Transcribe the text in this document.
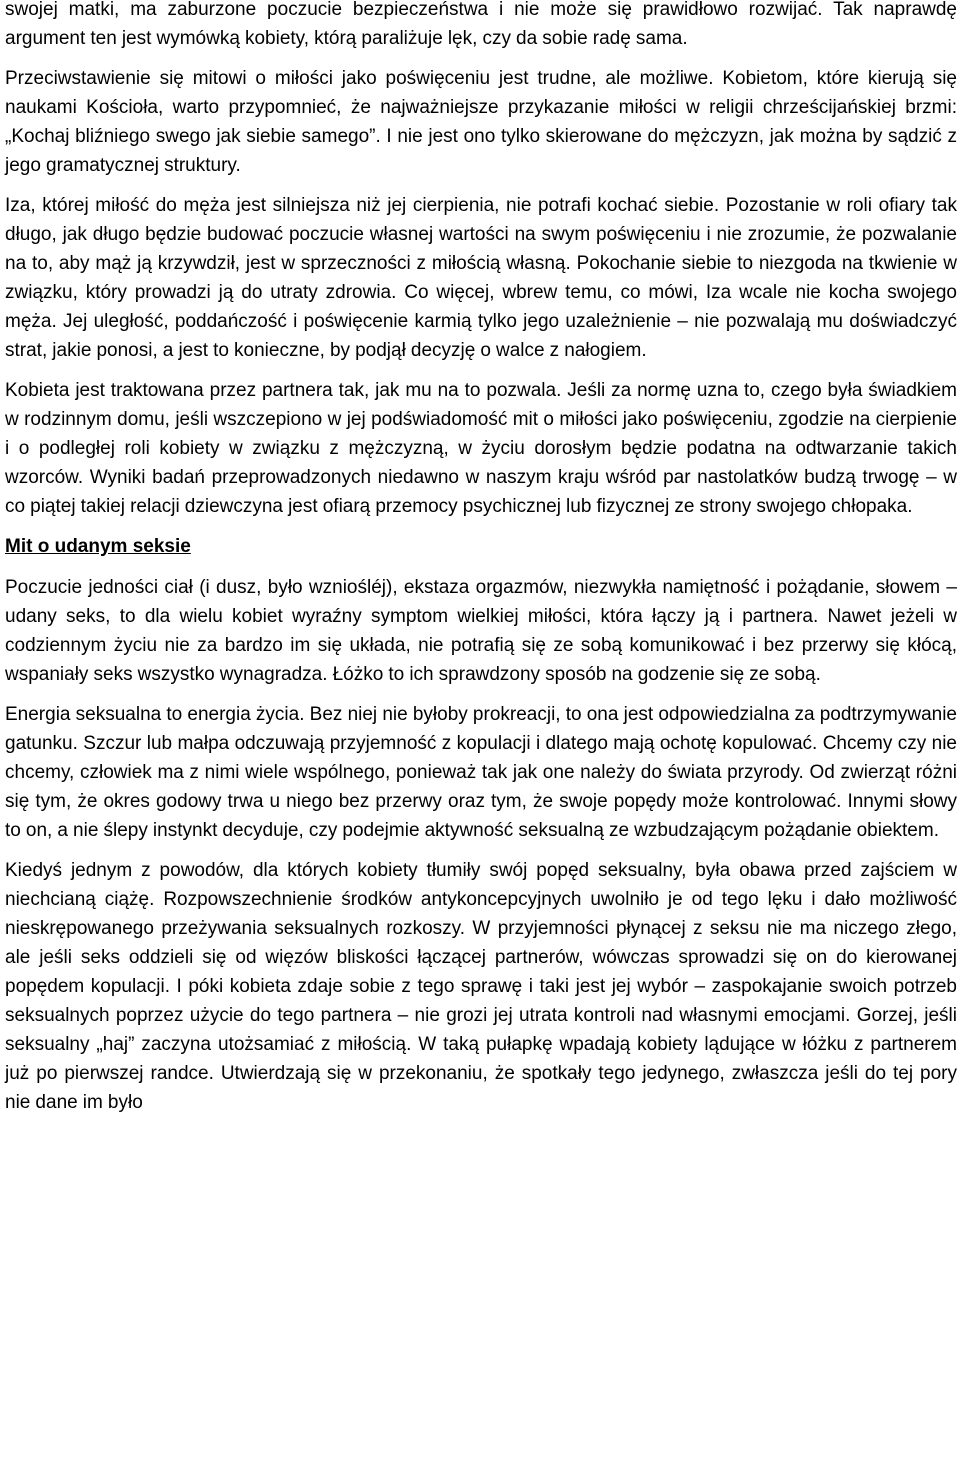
swojej matki, ma zaburzone poczucie bezpieczeństwa i nie może się prawidłowo rozwijać. Tak naprawdę argument ten jest wymówką kobiety, którą paraliżuje lęk, czy da sobie radę sama.

Przeciwstawienie się mitowi o miłości jako poświęceniu jest trudne, ale możliwe. Kobietom, które kierują się naukami Kościoła, warto przypomnieć, że najważniejsze przykazanie miłości w religii chrześcijańskiej brzmi: „Kochaj bliźniego swego jak siebie samego”. I nie jest ono tylko skierowane do mężczyzn, jak można by sądzić z jego gramatycznej struktury.

Iza, której miłość do męża jest silniejsza niż jej cierpienia, nie potrafi kochać siebie. Pozostanie w roli ofiary tak długo, jak długo będzie budować poczucie własnej wartości na swym poświęceniu i nie zrozumie, że pozwalanie na to, aby mąż ją krzywdził, jest w sprzeczności z miłością własną. Pokochanie siebie to niezgoda na tkwienie w związku, który prowadzi ją do utraty zdrowia. Co więcej, wbrew temu, co mówi, Iza wcale nie kocha swojego męża. Jej uległość, poddańczość i poświęcenie karmią tylko jego uzależnienie – nie pozwalają mu doświadczyć strat, jakie ponosi, a jest to konieczne, by podjął decyzję o walce z nałogiem.

Kobieta jest traktowana przez partnera tak, jak mu na to pozwala. Jeśli za normę uzna to, czego była świadkiem w rodzinnym domu, jeśli wszczepiono w jej podświadomość mit o miłości jako poświęceniu, zgodzie na cierpienie i o podległej roli kobiety w związku z mężczyzną, w życiu dorosłym będzie podatna na odtwarzanie takich wzorców. Wyniki badań przeprowadzonych niedawno w naszym kraju wśród par nastolatków budzą trwogę – w co piątej takiej relacji dziewczyna jest ofiarą przemocy psychicznej lub fizycznej ze strony swojego chłopaka.

Mit o udanym seksie

Poczucie jedności ciał (i dusz, było wzniośléj), ekstaza orgazmów, niezwykła namiętność i pożądanie, słowem – udany seks, to dla wielu kobiet wyraźny symptom wielkiej miłości, która łączy ją i partnera. Nawet jeżeli w codziennym życiu nie za bardzo im się układa, nie potrafią się ze sobą komunikować i bez przerwy się kłócą, wspaniały seks wszystko wynagradza. Łóżko to ich sprawdzony sposób na godzenie się ze sobą.

Energia seksualna to energia życia. Bez niej nie byłoby prokreacji, to ona jest odpowiedzialna za podtrzymywanie gatunku. Szczur lub małpa odczuwają przyjemność z kopulacji i dlatego mają ochotę kopulować. Chcemy czy nie chcemy, człowiek ma z nimi wiele wspólnego, ponieważ tak jak one należy do świata przyrody. Od zwierząt różni się tym, że okres godowy trwa u niego bez przerwy oraz tym, że swoje popędy może kontrolować. Innymi słowy to on, a nie ślepy instynkt decyduje, czy podejmie aktywność seksualną ze wzbudzającym pożądanie obiektem.

Kiedyś jednym z powodów, dla których kobiety tłumiły swój popęd seksualny, była obawa przed zajściem w niechcianą ciążę. Rozpowszechnienie środków antykoncepcyjnych uwolniło je od tego lęku i dało możliwość nieskrępowanego przeżywania seksualnych rozkoszy. W przyjemności płynącej z seksu nie ma niczego złego, ale jeśli seks oddzieli się od więzów bliskości łączącej partnerów, wówczas sprowadzi się on do kierowanej popędem kopulacji. I póki kobieta zdaje sobie z tego sprawę i taki jest jej wybór – zaspokajanie swoich potrzeb seksualnych poprzez użycie do tego partnera – nie grozi jej utrata kontroli nad własnymi emocjami. Gorzej, jeśli seksualny „haj” zaczyna utożsamiać z miłością. W taką pułapkę wpadają kobiety lądujące w łóżku z partnerem już po pierwszej randce. Utwierdzają się w przekonaniu, że spotkały tego jedynego, zwłaszcza jeśli do tej pory nie dane im było
